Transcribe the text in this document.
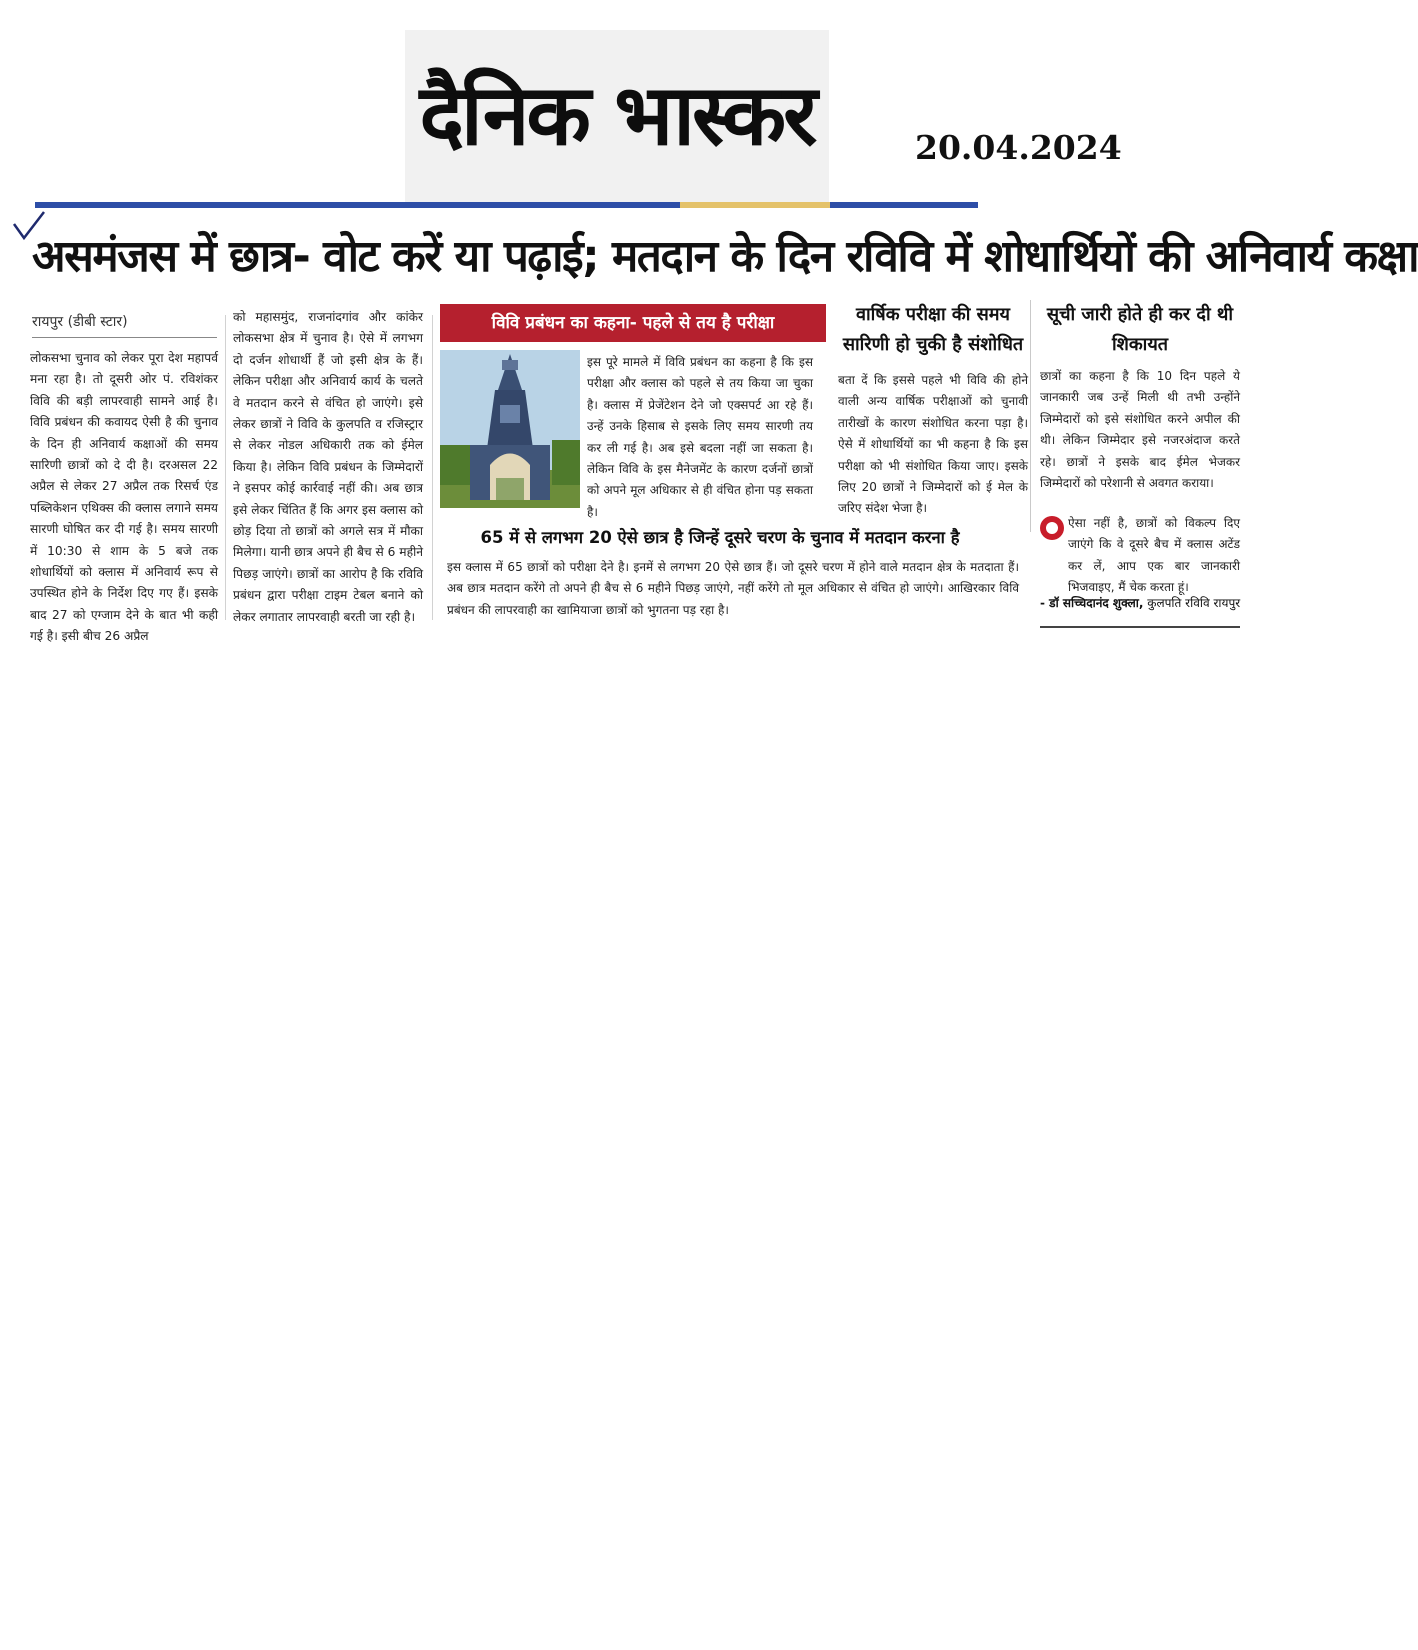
दैनिक भास्कर	20.04.2024
असमंजस में छात्र- वोट करें या पढ़ाई; मतदान के दिन रविवि में शोधार्थियों की अनिवार्य कक्षा
रायपुर (डीबी स्टार)
लोकसभा चुनाव को लेकर पूरा देश महापर्व मना रहा है। तो दूसरी ओर पं. रविशंकर विवि की बड़ी लापरवाही सामने आई है। विवि प्रबंधन की कवायद ऐसी है की चुनाव के दिन ही अनिवार्य कक्षाओं की समय सारिणी छात्रों को दे दी है। दरअसल 22 अप्रैल से लेकर 27 अप्रैल तक रिसर्च एंड पब्लिकेशन एथिक्स की क्लास लगाने समय सारणी घोषित कर दी गई है। समय सारणी में 10:30 से शाम के 5 बजे तक शोधार्थियों को क्लास में अनिवार्य रूप से उपस्थित होने के निर्देश दिए गए हैं। इसके बाद 27 को एग्जाम देने के बात भी कही गई है। इसी बीच 26 अप्रैल
को महासमुंद, राजनांदगांव और कांकेर लोकसभा क्षेत्र में चुनाव है। ऐसे में लगभग दो दर्जन शोधार्थी हैं जो इसी क्षेत्र के हैं। लेकिन परीक्षा और अनिवार्य कार्य के चलते वे मतदान करने से वंचित हो जाएंगे। इसे लेकर छात्रों ने विवि के कुलपति व रजिस्ट्रार से लेकर नोडल अधिकारी तक को ईमेल किया है। लेकिन विवि प्रबंधन के जिम्मेदारों ने इसपर कोई कार्रवाई नहीं की। अब छात्र इसे लेकर चिंतित हैं कि अगर इस क्लास को छोड़ दिया तो छात्रों को अगले सत्र में मौका मिलेगा। यानी छात्र अपने ही बैच से 6 महीने पिछड़ जाएंगे। छात्रों का आरोप है कि रविवि प्रबंधन द्वारा परीक्षा टाइम टेबल बनाने को लेकर लगातार लापरवाही बरती जा रही है।
विवि प्रबंधन का कहना- पहले से तय है परीक्षा
इस पूरे मामले में विवि प्रबंधन का कहना है कि इस परीक्षा और क्लास को पहले से तय किया जा चुका है। क्लास में प्रेजेंटेशन देने जो एक्सपर्ट आ रहे हैं। उन्हें उनके हिसाब से इसके लिए समय सारणी तय कर ली गई है। अब इसे बदला नहीं जा सकता है। लेकिन विवि के इस मैनेजमेंट के कारण दर्जनों छात्रों को अपने मूल अधिकार से ही वंचित होना पड़ सकता है।
वार्षिक परीक्षा की समय सारिणी हो चुकी है संशोधित
बता दें कि इससे पहले भी विवि की होने वाली अन्य वार्षिक परीक्षाओं को चुनावी तारीखों के कारण संशोधित करना पड़ा है। ऐसे में शोधार्थियों का भी कहना है कि इस परीक्षा को भी संशोधित किया जाए। इसके लिए 20 छात्रों ने जिम्मेदारों को ई मेल के जरिए संदेश भेजा है।
सूची जारी होते ही कर दी थी शिकायत
छात्रों का कहना है कि 10 दिन पहले ये जानकारी जब उन्हें मिली थी तभी उन्होंने जिम्मेदारों को इसे संशोधित करने अपील की थी। लेकिन जिम्मेदार इसे नजरअंदाज करते रहे। छात्रों ने इसके बाद ईमेल भेजकर जिम्मेदारों को परेशानी से अवगत कराया।
ऐसा नहीं है, छात्रों को विकल्प दिए जाएंगे कि वे दूसरे बैच में क्लास अटेंड कर लें, आप एक बार जानकारी भिजवाइए, मैं चेक करता हूं।
- डॉ सच्चिदानंद शुक्ला, कुलपति रविवि रायपुर
65 में से लगभग 20 ऐसे छात्र है जिन्हें दूसरे चरण के चुनाव में मतदान करना है
इस क्लास में 65 छात्रों को परीक्षा देने है। इनमें से लगभग 20 ऐसे छात्र हैं। जो दूसरे चरण में होने वाले मतदान क्षेत्र के मतदाता हैं। अब छात्र मतदान करेंगे तो अपने ही बैच से 6 महीने पिछड़ जाएंगे, नहीं करेंगे तो मूल अधिकार से वंचित हो जाएंगे। आखिरकार विवि प्रबंधन की लापरवाही का खामियाजा छात्रों को भुगतना पड़ रहा है।
